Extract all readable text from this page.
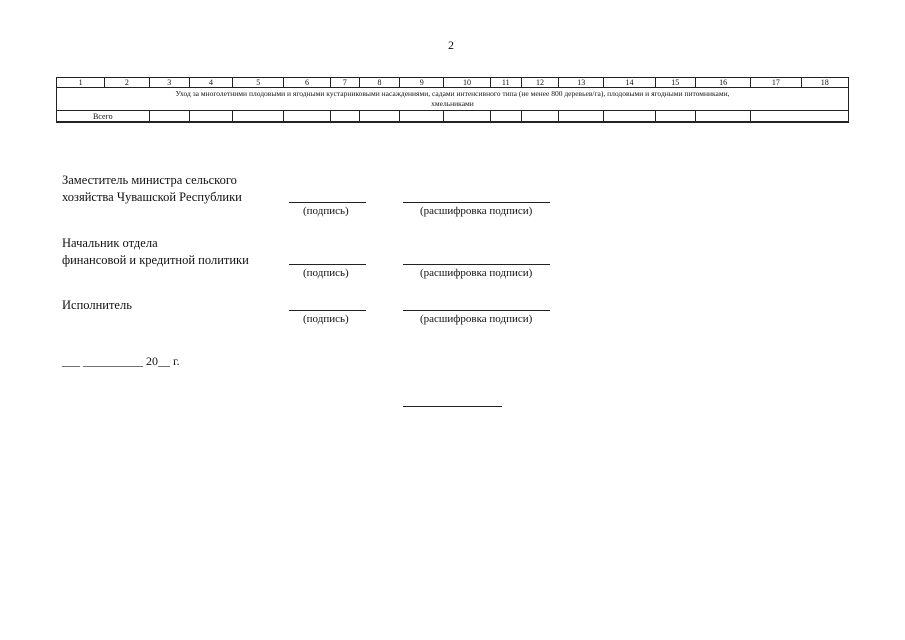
2
1	2	3	4	5	6	7	8	9	10	11	12	13	14	15	16	17	18
Уход за многолетними плодовыми и ягодными кустарниковыми насаждениями, садами интенсивного типа (не менее 800 деревьев/га), плодовыми и ягодными питомниками,
хмельниками																	
Всего																	
Заместитель министра сельского
хозяйства Чувашской Республики
(подпись)	(расшифровка подписи)
Начальник отдела
финансовой и кредитной политики
(подпись)	(расшифровка подписи)
Исполнитель
(подпись)	(расшифровка подписи)
___ __________ 20__ г.
